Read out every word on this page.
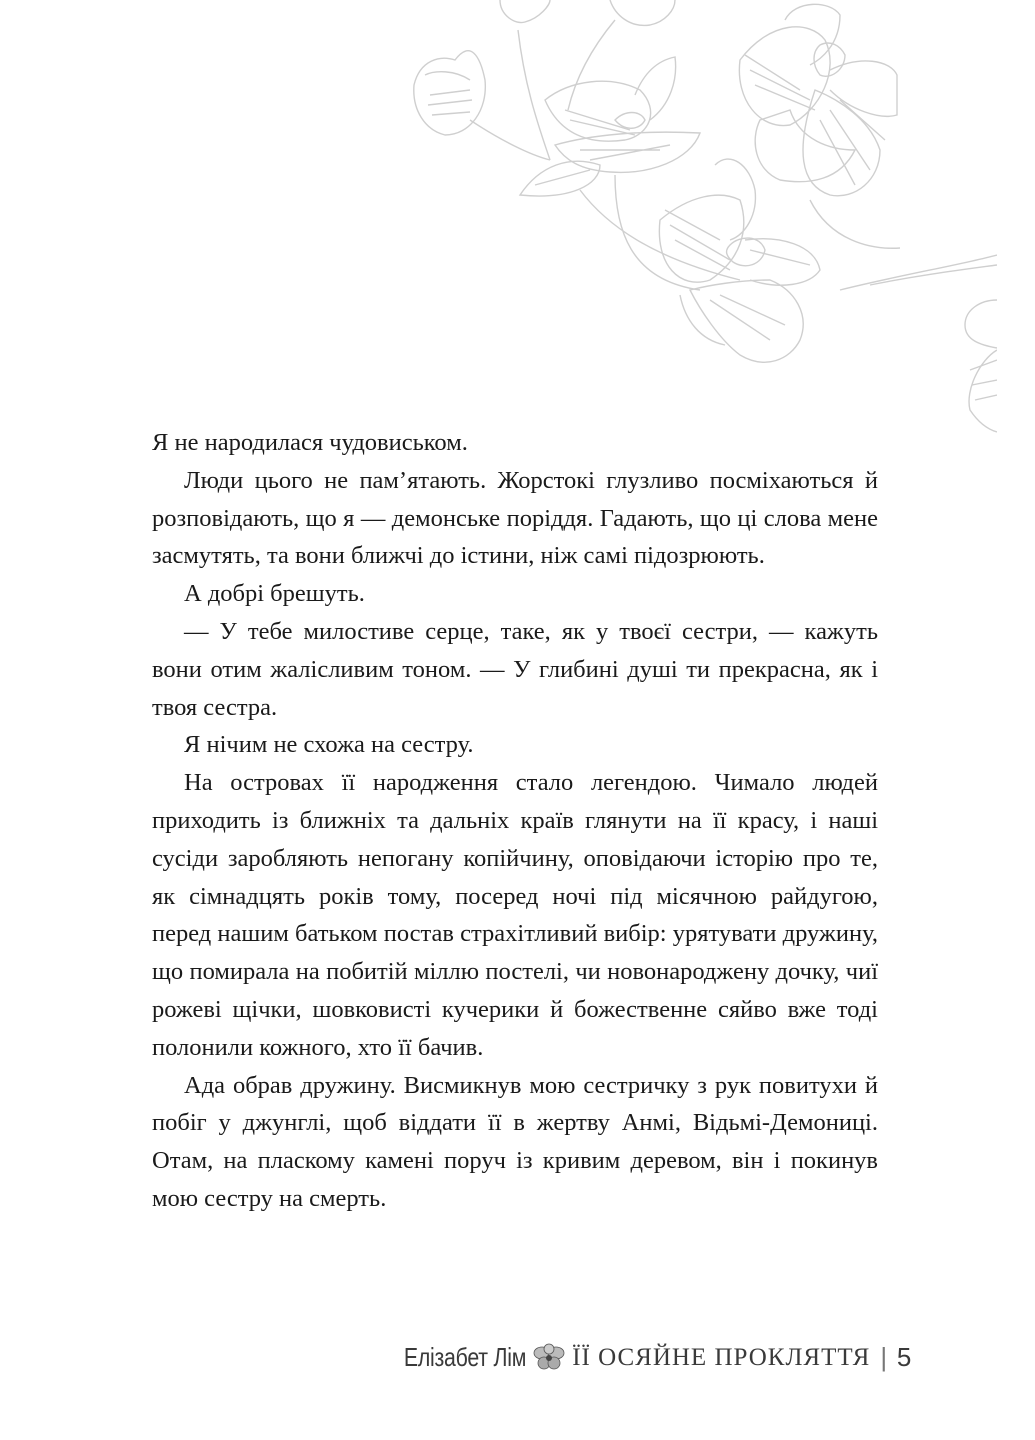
Я не народилася чудовиськом.

Люди цього не пам’ятають. Жорстокі глузливо посміхаються й розповідають, що я — демонське поріддя. Гадають, що ці слова мене засмутять, та вони ближчі до істини, ніж самі підозрюють.

А добрі брешуть.

— У тебе милостиве серце, таке, як у твоєї сестри, — кажуть вони отим жалісливим тоном. — У глибині душі ти прекрасна, як і твоя сестра.

Я нічим не схожа на сестру.

На островах її народження стало легендою. Чимало людей приходить із ближніх та дальніх країв глянути на її красу, і наші сусіди заробляють непогану копійчину, оповідаючи історію про те, як сімнадцять років тому, посеред ночі під місячною райдугою, перед нашим батьком постав страхітливий вибір: урятувати дружину, що помирала на побитій міллю постелі, чи новонароджену дочку, чиї рожеві щічки, шовковисті кучерики й божественне сяйво вже тоді полонили кожного, хто її бачив.

Ада обрав дружину. Висмикнув мою сестричку з рук повитухи й побіг у джунглі, щоб віддати її в жертву Анмі, Відьмі-Демониці. Отам, на пласкому камені поруч із кривим деревом, він і покинув мою сестру на смерть.

Елізабет Лім ЇЇ ОСЯЙНЕ ПРОКЛЯТТЯ | 5
